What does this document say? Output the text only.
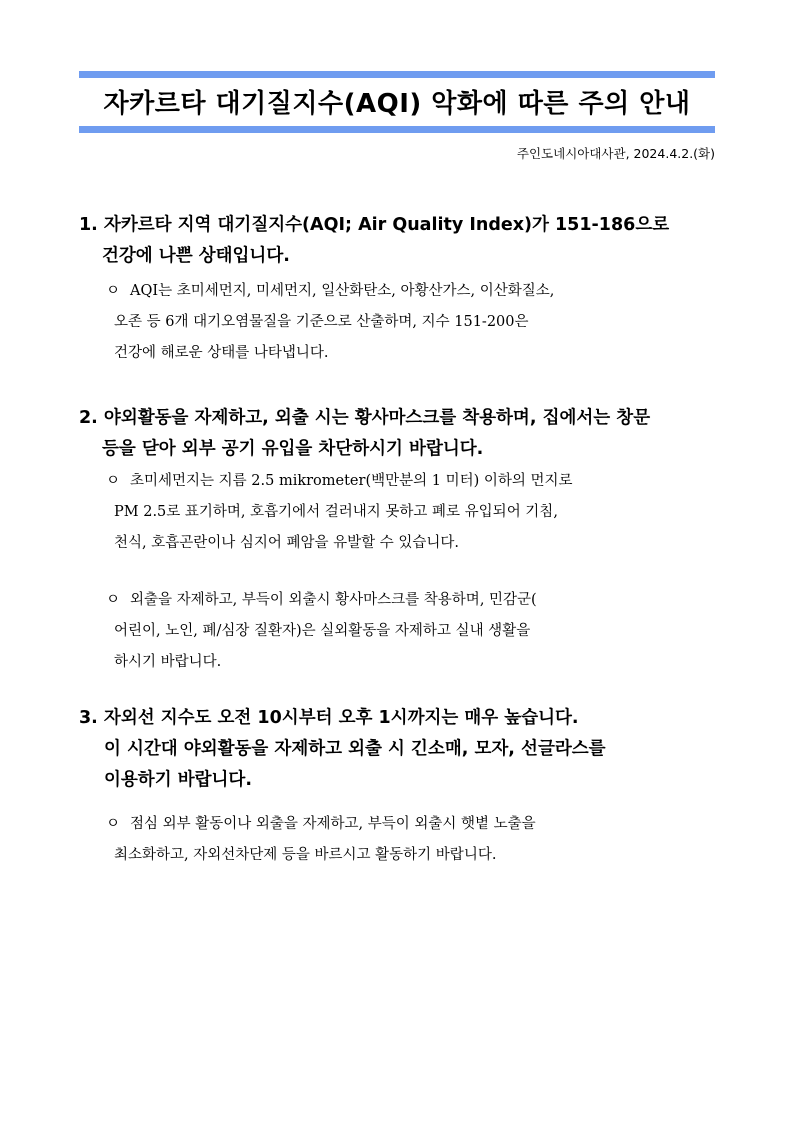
자카르타 대기질지수(AQI) 악화에 따른 주의 안내
주인도네시아대사관, 2024.4.2.(화)
1. 자카르타 지역 대기질지수(AQI; Air Quality Index)가 151-186으로
건강에 나쁜 상태입니다.
ㅇ AQI는 초미세먼지, 미세먼지, 일산화탄소, 아황산가스, 이산화질소,
오존 등 6개 대기오염물질을 기준으로 산출하며, 지수 151-200은
건강에 해로운 상태를 나타냅니다.
2. 야외활동을 자제하고, 외출 시는 황사마스크를 착용하며, 집에서는 창문
등을 닫아 외부 공기 유입을 차단하시기 바랍니다.
ㅇ 초미세먼지는 지름 2.5 mikrometer(백만분의 1 미터) 이하의 먼지로
PM 2.5로 표기하며, 호흡기에서 걸러내지 못하고 폐로 유입되어 기침,
천식, 호흡곤란이나 심지어 폐암을 유발할 수 있습니다.
ㅇ 외출을 자제하고, 부득이 외출시 황사마스크를 착용하며, 민감군(
어린이, 노인, 폐/심장 질환자)은 실외활동을 자제하고 실내 생활을
하시기 바랍니다.
3. 자외선 지수도 오전 10시부터 오후 1시까지는 매우 높습니다.
이 시간대 야외활동을 자제하고 외출 시 긴소매, 모자, 선글라스를
이용하기 바랍니다.
ㅇ 점심 외부 활동이나 외출을 자제하고, 부득이 외출시 햇볕 노출을
최소화하고, 자외선차단제 등을 바르시고 활동하기 바랍니다.
